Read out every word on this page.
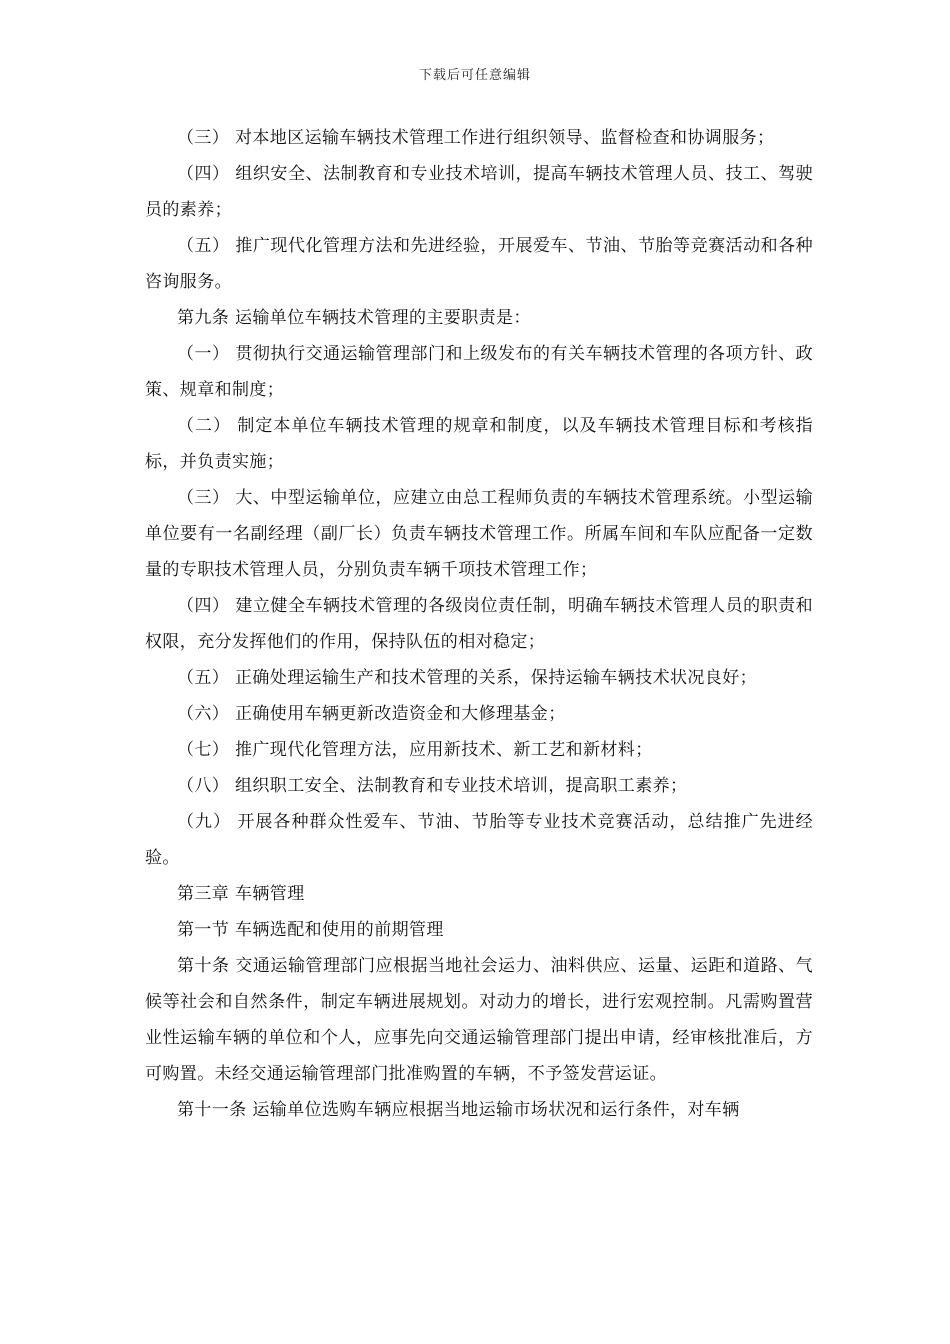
下载后可任意编辑

（三） 对本地区运输车辆技术管理工作进行组织领导、监督检查和协调服务；

（四） 组织安全、法制教育和专业技术培训，提高车辆技术管理人员、技工、驾驶员的素养；

（五） 推广现代化管理方法和先进经验，开展爱车、节油、节胎等竞赛活动和各种咨询服务。

第九条 运输单位车辆技术管理的主要职责是：

（一） 贯彻执行交通运输管理部门和上级发布的有关车辆技术管理的各项方针、政策、规章和制度；

（二） 制定本单位车辆技术管理的规章和制度，以及车辆技术管理目标和考核指标，并负责实施；

（三） 大、中型运输单位，应建立由总工程师负责的车辆技术管理系统。小型运输单位要有一名副经理（副厂长）负责车辆技术管理工作。所属车间和车队应配备一定数量的专职技术管理人员，分别负责车辆千项技术管理工作；

（四） 建立健全车辆技术管理的各级岗位责任制，明确车辆技术管理人员的职责和权限，充分发挥他们的作用，保持队伍的相对稳定；

（五） 正确处理运输生产和技术管理的关系，保持运输车辆技术状况良好；

（六） 正确使用车辆更新改造资金和大修理基金；

（七） 推广现代化管理方法，应用新技术、新工艺和新材料；

（八） 组织职工安全、法制教育和专业技术培训，提高职工素养；

（九） 开展各种群众性爱车、节油、节胎等专业技术竞赛活动，总结推广先进经验。

第三章 车辆管理

第一节 车辆选配和使用的前期管理

第十条 交通运输管理部门应根据当地社会运力、油料供应、运量、运距和道路、气候等社会和自然条件，制定车辆进展规划。对动力的增长，进行宏观控制。凡需购置营业性运输车辆的单位和个人，应事先向交通运输管理部门提出申请，经审核批准后，方可购置。未经交通运输管理部门批准购置的车辆，不予签发营运证。

第十一条 运输单位选购车辆应根据当地运输市场状况和运行条件，对车辆
